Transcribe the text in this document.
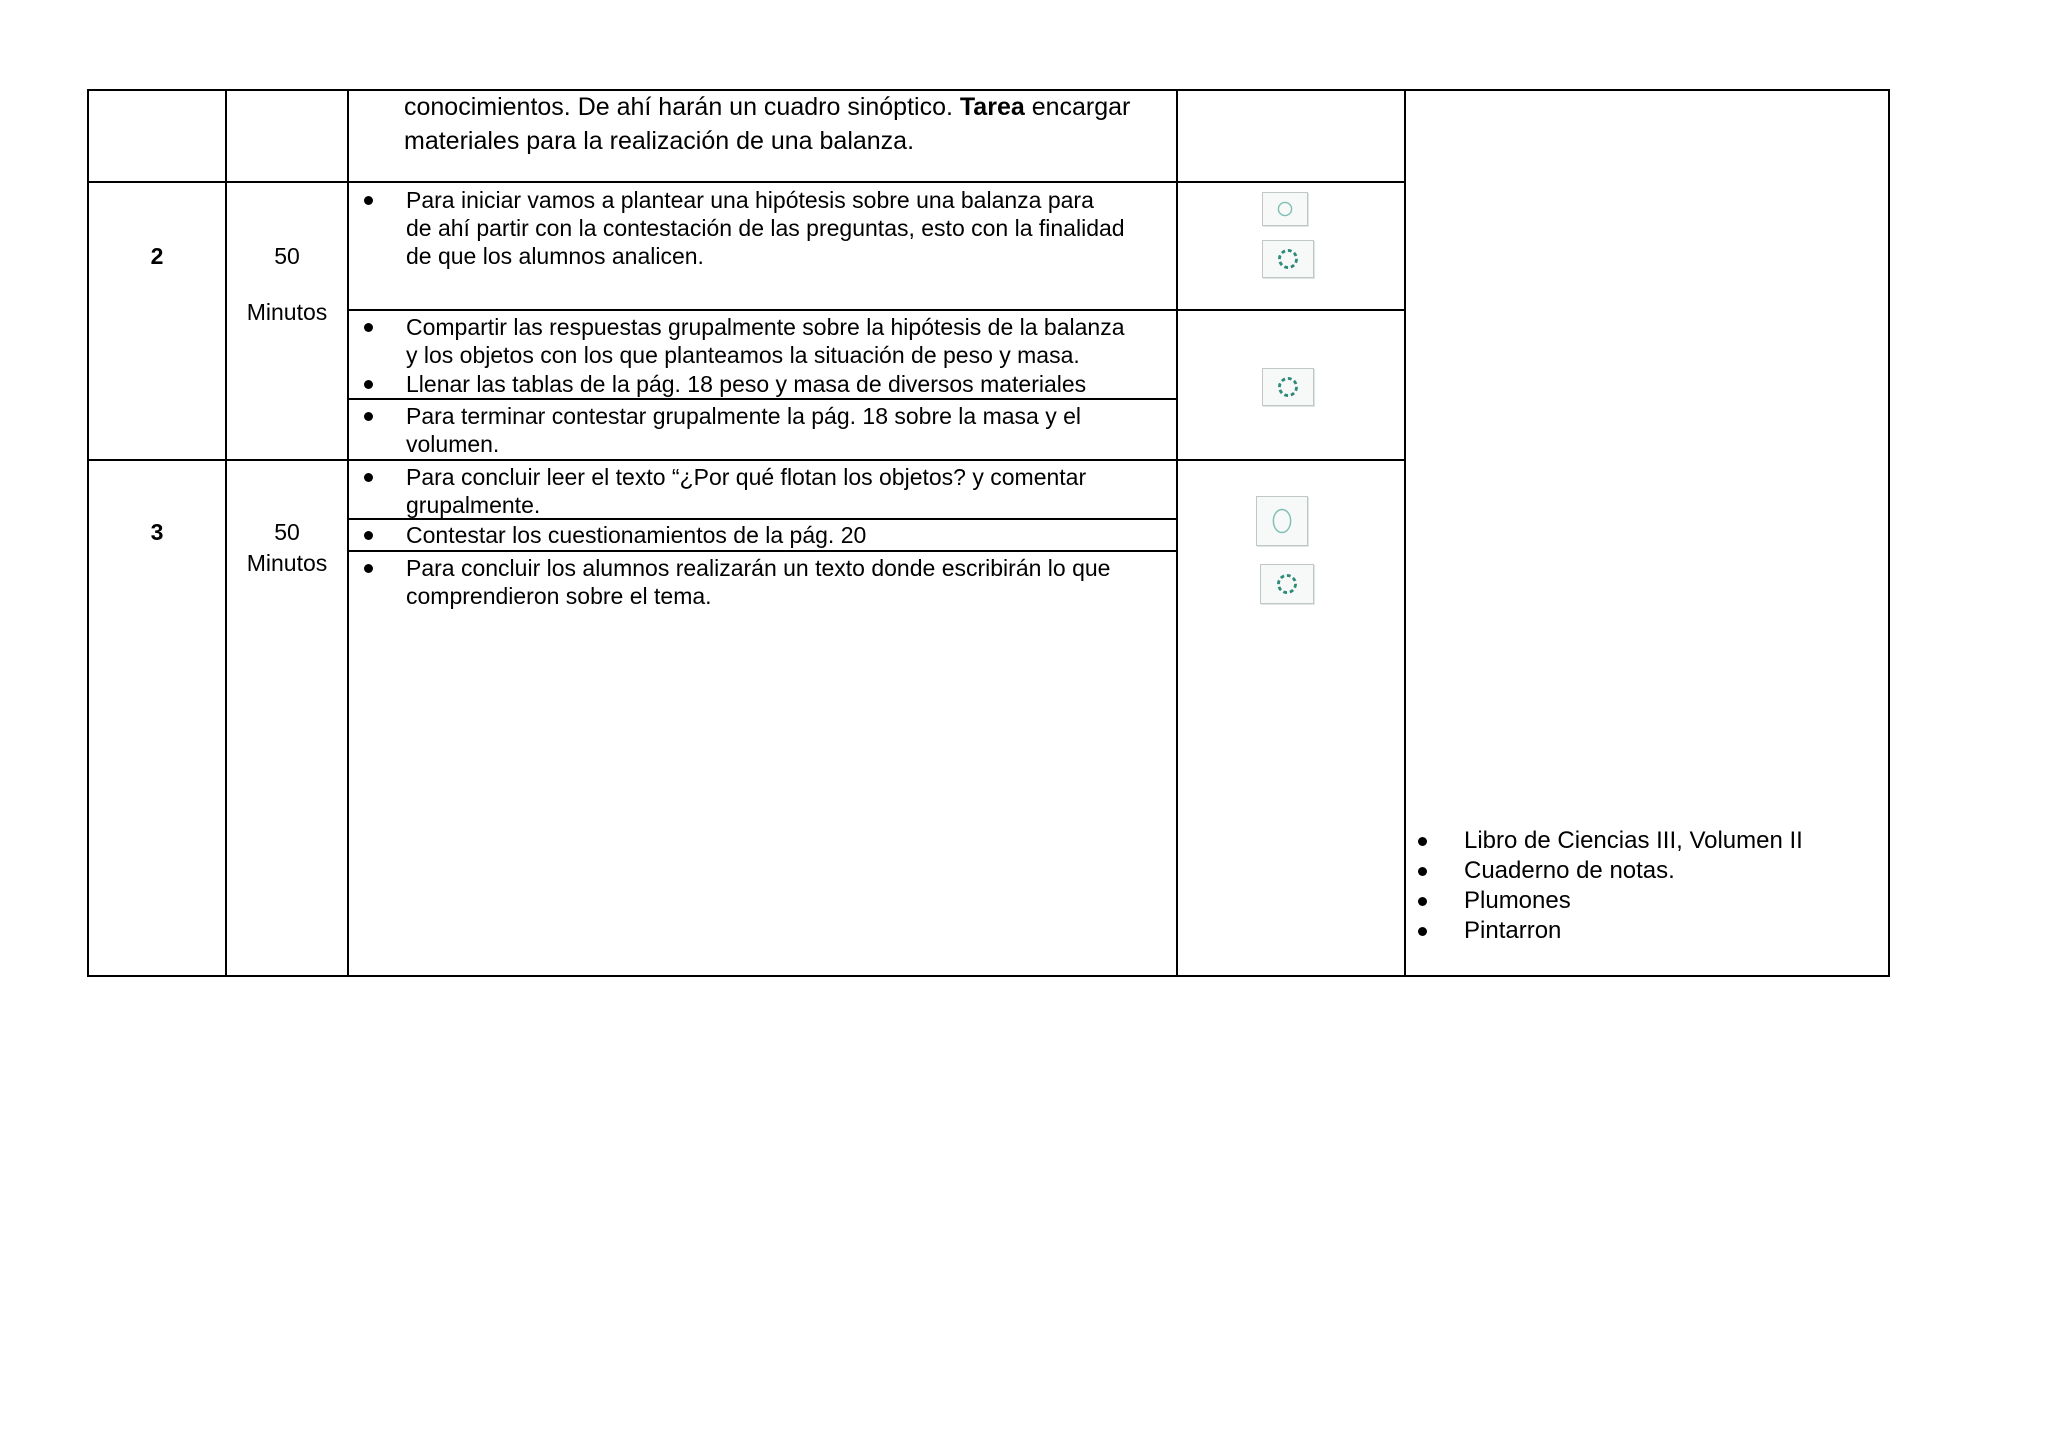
conocimientos. De ahí harán un cuadro sinóptico. Tarea encargar
materiales para la realización de una balanza.
2	50
Minutos
Para iniciar vamos a plantear una hipótesis sobre una balanza para
de ahí partir con la contestación de las preguntas, esto con la finalidad
de que los alumnos analicen.
Compartir las respuestas grupalmente sobre la hipótesis de la balanza
y los objetos con los que planteamos la situación de peso y masa.
Llenar las tablas de la pág. 18 peso y masa de diversos materiales
Para terminar contestar grupalmente la pág. 18 sobre la masa y el
volumen.
3	50
Minutos
Para concluir leer el texto “¿Por qué flotan los objetos? y comentar
grupalmente.
Contestar los cuestionamientos de la pág. 20
Para concluir los alumnos realizarán un texto donde escribirán lo que
comprendieron sobre el tema.
Libro de Ciencias III, Volumen II
Cuaderno de notas.
Plumones
Pintarron
